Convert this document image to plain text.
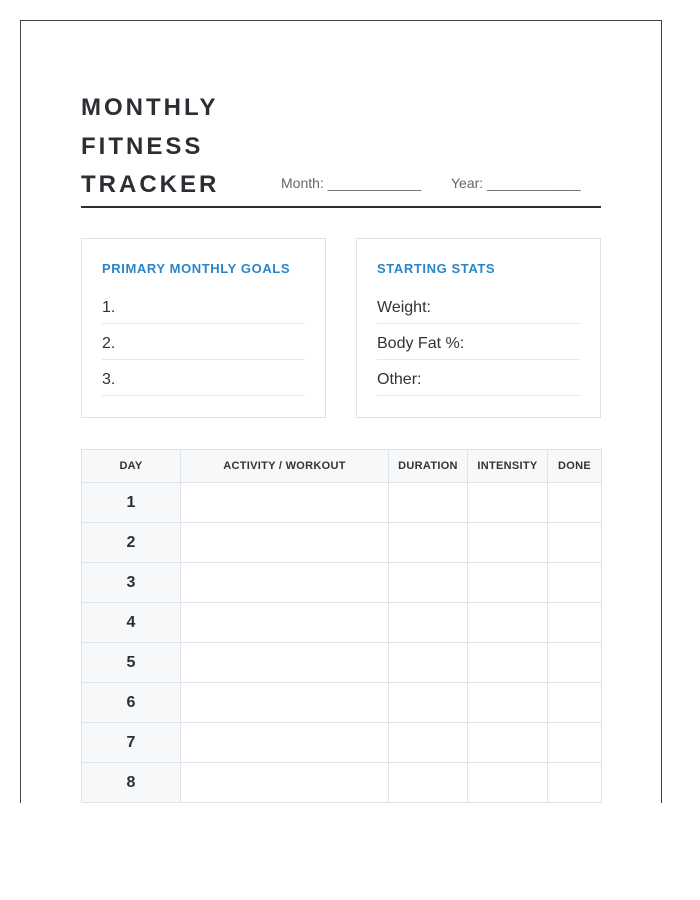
MONTHLY
FITNESS
TRACKER	Month: ____________ Year: ____________
PRIMARY MONTHLY GOALS
1.
2.
3.
STARTING STATS
Weight:
Body Fat %:
Other:
DAY	ACTIVITY / WORKOUT	DURATION	INTENSITY	DONE
1				
2				
3				
4				
5				
6				
7				
8				
